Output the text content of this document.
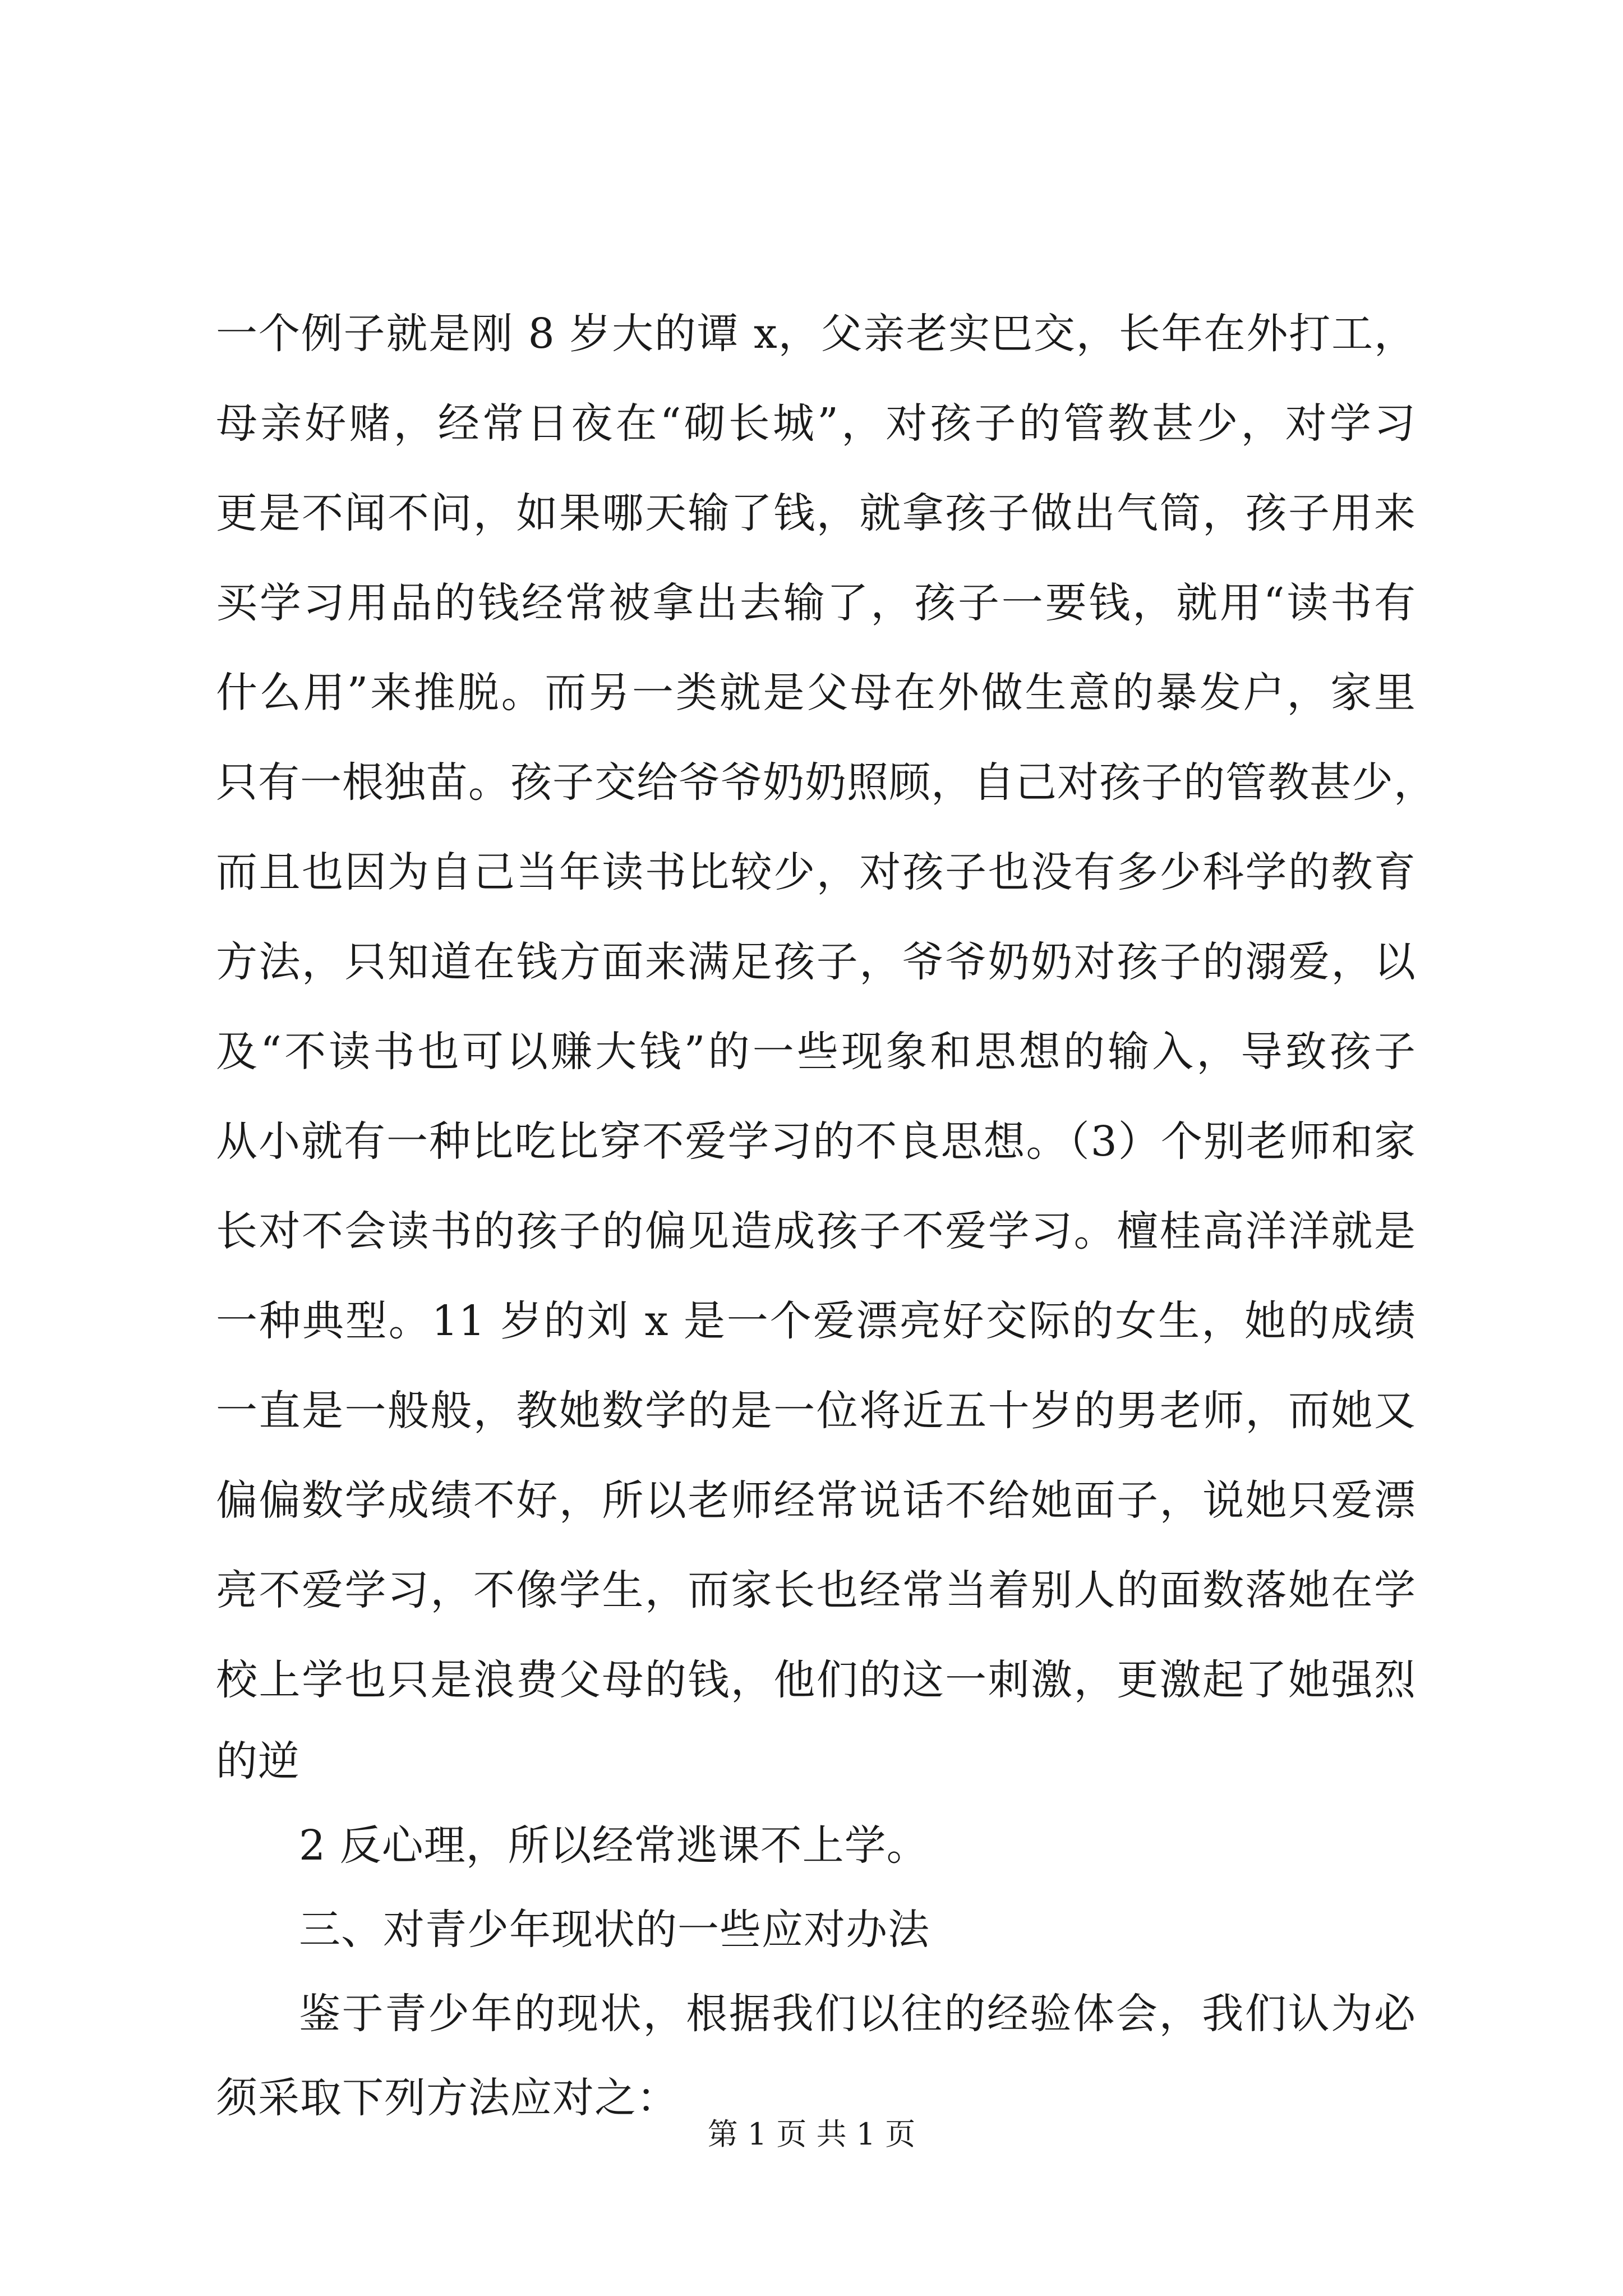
一个例子就是刚 8 岁大的谭 x，父亲老实巴交，长年在外打工，
母亲好赌，经常日夜在“砌长城”，对孩子的管教甚少，对学习
更是不闻不问，如果哪天输了钱，就拿孩子做出气筒，孩子用来
买学习用品的钱经常被拿出去输了，孩子一要钱，就用“读书有
什么用”来推脱。而另一类就是父母在外做生意的暴发户，家里
只有一根独苗。孩子交给爷爷奶奶照顾，自己对孩子的管教甚少，
而且也因为自己当年读书比较少，对孩子也没有多少科学的教育
方法，只知道在钱方面来满足孩子，爷爷奶奶对孩子的溺爱，以
及“不读书也可以赚大钱”的一些现象和思想的输入，导致孩子
从小就有一种比吃比穿不爱学习的不良思想。（3）个别老师和家
长对不会读书的孩子的偏见造成孩子不爱学习。檀桂高洋洋就是
一种典型。11 岁的刘 x 是一个爱漂亮好交际的女生，她的成绩
一直是一般般，教她数学的是一位将近五十岁的男老师，而她又
偏偏数学成绩不好，所以老师经常说话不给她面子，说她只爱漂
亮不爱学习，不像学生，而家长也经常当着别人的面数落她在学
校上学也只是浪费父母的钱，他们的这一刺激，更激起了她强烈
的逆
2 反心理，所以经常逃课不上学。
三、对青少年现状的一些应对办法
鉴于青少年的现状，根据我们以往的经验体会，我们认为必
须采取下列方法应对之：
第 1 页 共 1 页
